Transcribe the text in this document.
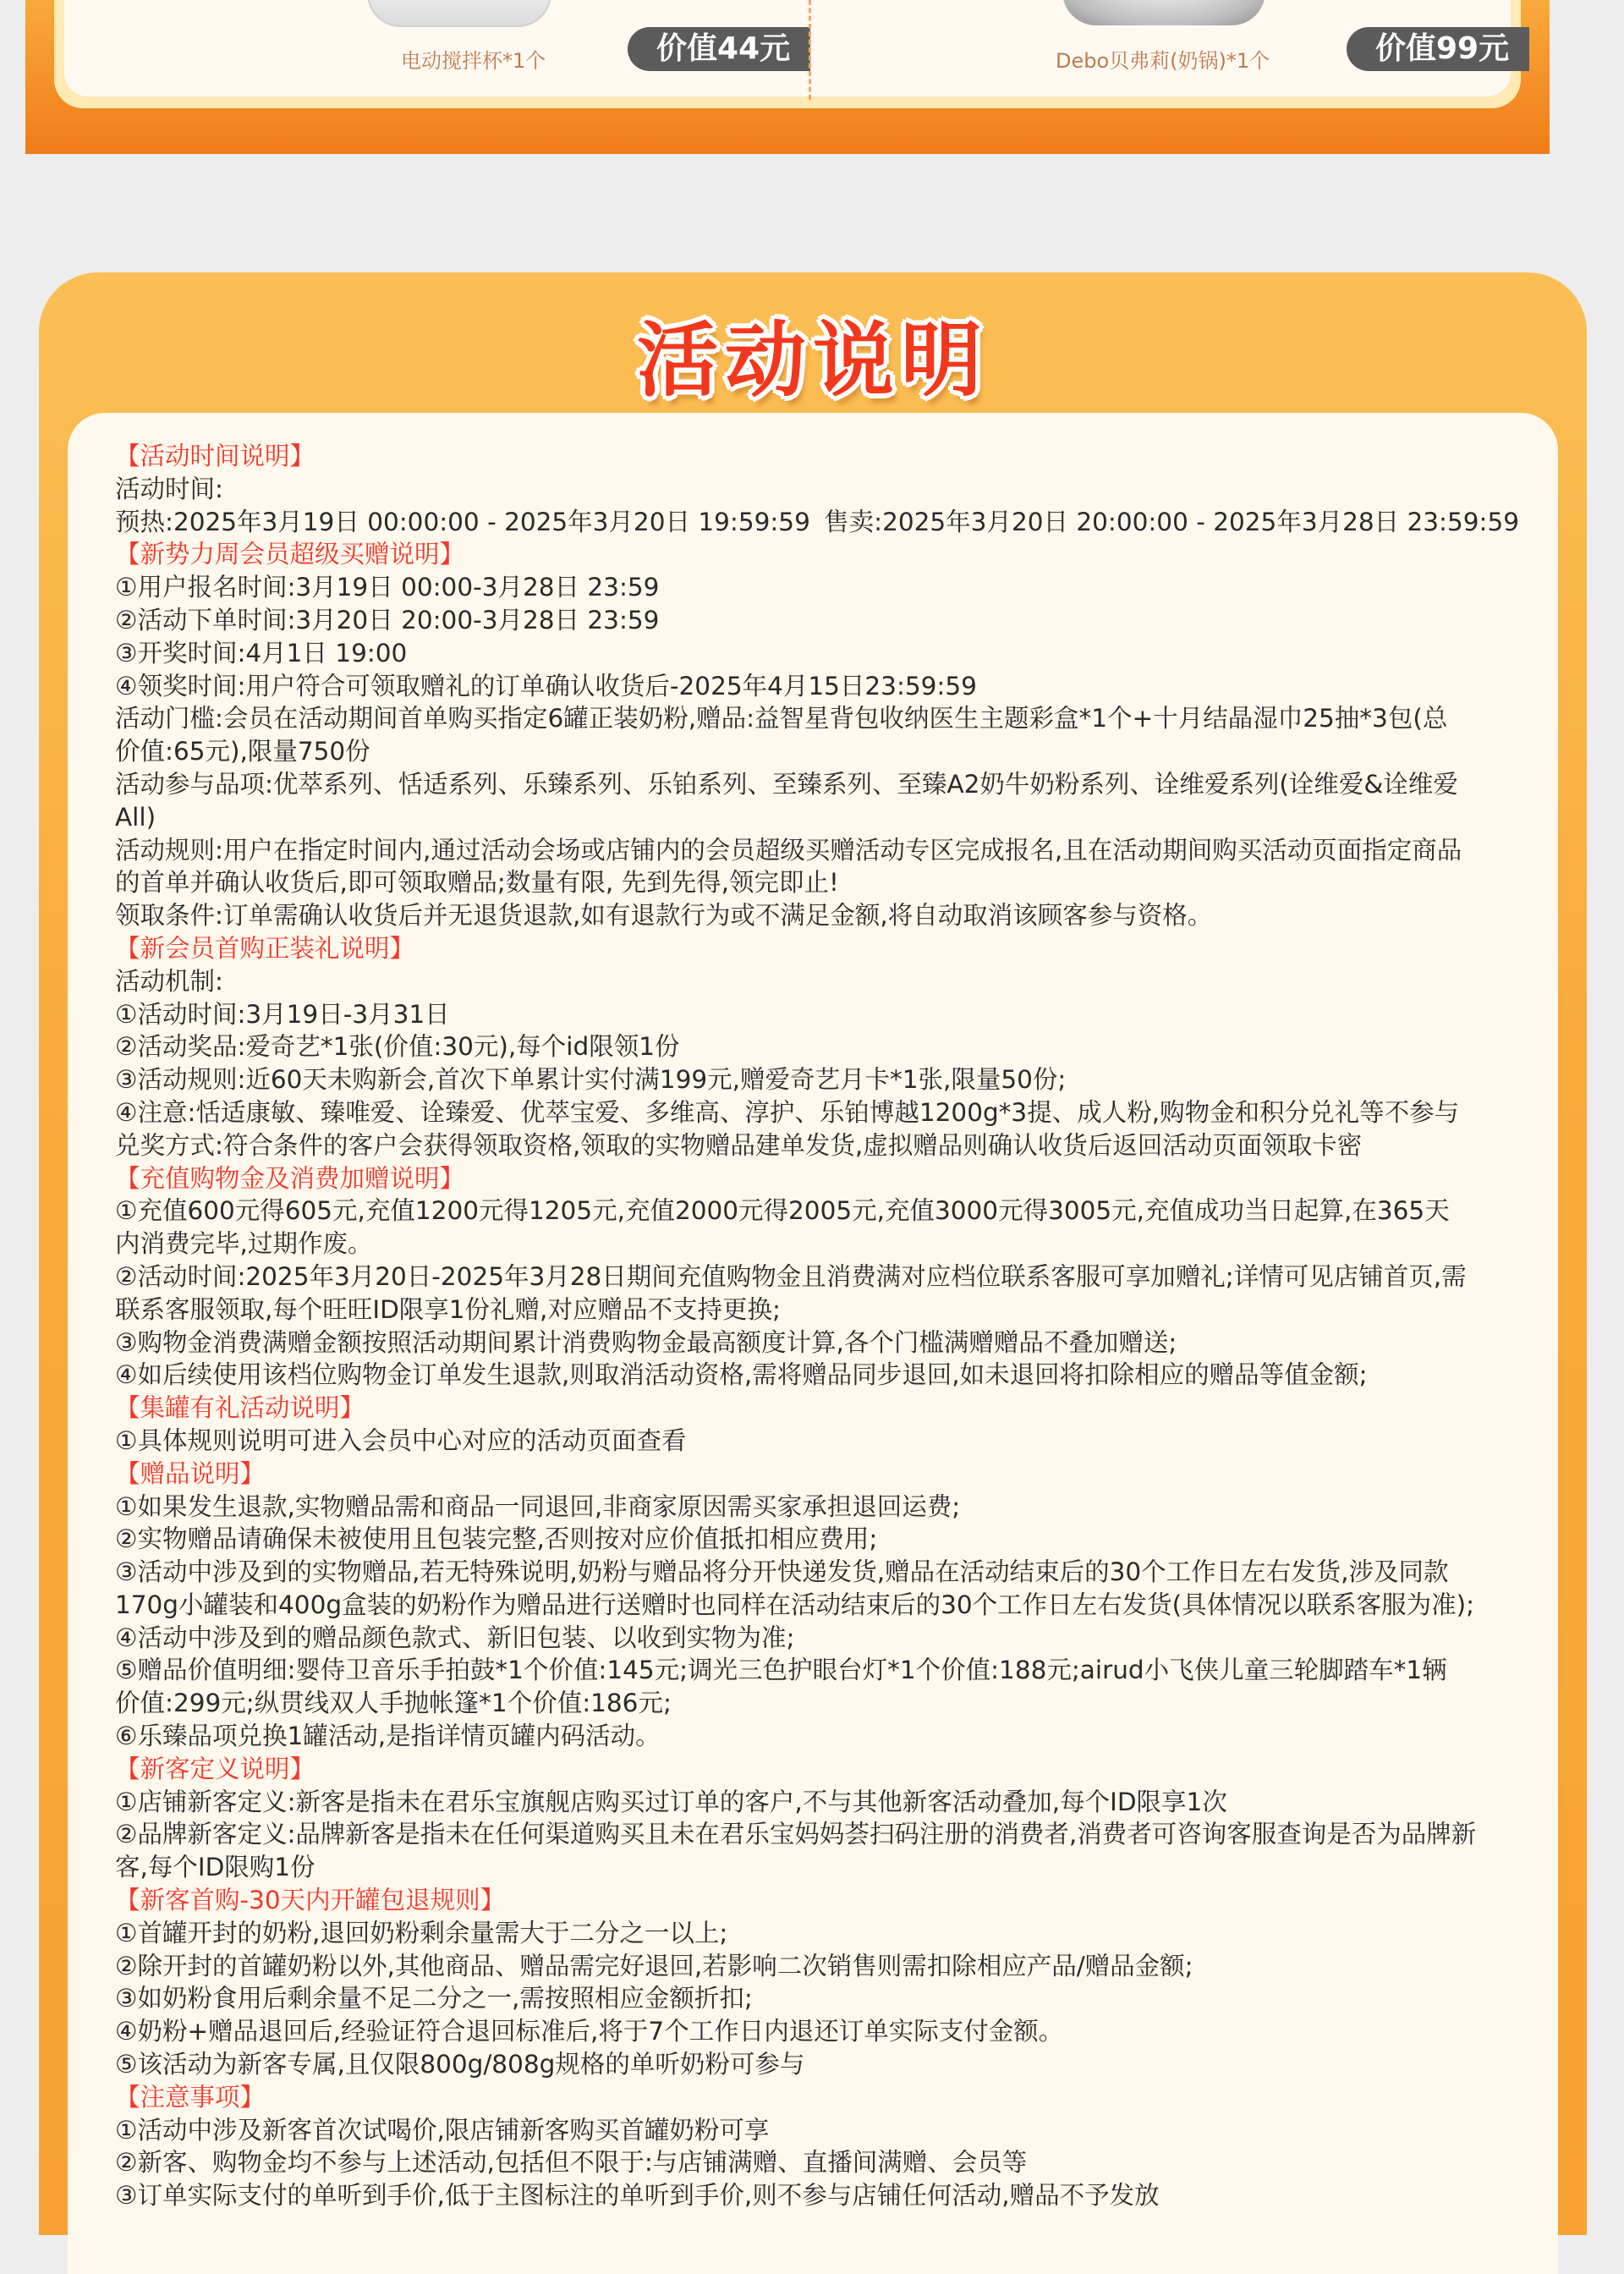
电动搅拌杯*1个	价值44元	Debo贝弗莉(奶锅)*1个	价值99元
活动说明
【活动时间说明】
活动时间:
预热:2025年3月19日 00:00:00 - 2025年3月20日 19:59:59 售卖:2025年3月20日 20:00:00 - 2025年3月28日 23:59:59
【新势力周会员超级买赠说明】
①用户报名时间:3月19日 00:00-3月28日 23:59
②活动下单时间:3月20日 20:00-3月28日 23:59
③开奖时间:4月1日 19:00
④领奖时间:用户符合可领取赠礼的订单确认收货后-2025年4月15日23:59:59
活动门槛:会员在活动期间首单购买指定6罐正装奶粉,赠品:益智星背包收纳医生主题彩盒*1个+十月结晶湿巾25抽*3包(总
价值:65元),限量750份
活动参与品项:优萃系列、恬适系列、乐臻系列、乐铂系列、至臻系列、至臻A2奶牛奶粉系列、诠维爱系列(诠维爱&诠维爱
All)
活动规则:用户在指定时间内,通过活动会场或店铺内的会员超级买赠活动专区完成报名,且在活动期间购买活动页面指定商品
的首单并确认收货后,即可领取赠品;数量有限, 先到先得,领完即止!
领取条件:订单需确认收货后并无退货退款,如有退款行为或不满足金额,将自动取消该顾客参与资格。
【新会员首购正装礼说明】
活动机制:
①活动时间:3月19日-3月31日
②活动奖品:爱奇艺*1张(价值:30元),每个id限领1份
③活动规则:近60天未购新会,首次下单累计实付满199元,赠爱奇艺月卡*1张,限量50份;
④注意:恬适康敏、臻唯爱、诠臻爱、优萃宝爱、多维高、淳护、乐铂博越1200g*3提、成人粉,购物金和积分兑礼等不参与
兑奖方式:符合条件的客户会获得领取资格,领取的实物赠品建单发货,虚拟赠品则确认收货后返回活动页面领取卡密
【充值购物金及消费加赠说明】
①充值600元得605元,充值1200元得1205元,充值2000元得2005元,充值3000元得3005元,充值成功当日起算,在365天
内消费完毕,过期作废。
②活动时间:2025年3月20日-2025年3月28日期间充值购物金且消费满对应档位联系客服可享加赠礼;详情可见店铺首页,需
联系客服领取,每个旺旺ID限享1份礼赠,对应赠品不支持更换;
③购物金消费满赠金额按照活动期间累计消费购物金最高额度计算,各个门槛满赠赠品不叠加赠送;
④如后续使用该档位购物金订单发生退款,则取消活动资格,需将赠品同步退回,如未退回将扣除相应的赠品等值金额;
【集罐有礼活动说明】
①具体规则说明可进入会员中心对应的活动页面查看
【赠品说明】
①如果发生退款,实物赠品需和商品一同退回,非商家原因需买家承担退回运费;
②实物赠品请确保未被使用且包装完整,否则按对应价值抵扣相应费用;
③活动中涉及到的实物赠品,若无特殊说明,奶粉与赠品将分开快递发货,赠品在活动结束后的30个工作日左右发货,涉及同款
170g小罐装和400g盒装的奶粉作为赠品进行送赠时也同样在活动结束后的30个工作日左右发货(具体情况以联系客服为准);
④活动中涉及到的赠品颜色款式、新旧包装、以收到实物为准;
⑤赠品价值明细:婴侍卫音乐手拍鼓*1个价值:145元;调光三色护眼台灯*1个价值:188元;airud小飞侠儿童三轮脚踏车*1辆
价值:299元;纵贯线双人手抛帐篷*1个价值:186元;
⑥乐臻品项兑换1罐活动,是指详情页罐内码活动。
【新客定义说明】
①店铺新客定义:新客是指未在君乐宝旗舰店购买过订单的客户,不与其他新客活动叠加,每个ID限享1次
②品牌新客定义:品牌新客是指未在任何渠道购买且未在君乐宝妈妈荟扫码注册的消费者,消费者可咨询客服查询是否为品牌新
客,每个ID限购1份
【新客首购-30天内开罐包退规则】
①首罐开封的奶粉,退回奶粉剩余量需大于二分之一以上;
②除开封的首罐奶粉以外,其他商品、赠品需完好退回,若影响二次销售则需扣除相应产品/赠品金额;
③如奶粉食用后剩余量不足二分之一,需按照相应金额折扣;
④奶粉+赠品退回后,经验证符合退回标准后,将于7个工作日内退还订单实际支付金额。
⑤该活动为新客专属,且仅限800g/808g规格的单听奶粉可参与
【注意事项】
①活动中涉及新客首次试喝价,限店铺新客购买首罐奶粉可享
②新客、购物金均不参与上述活动,包括但不限于:与店铺满赠、直播间满赠、会员等
③订单实际支付的单听到手价,低于主图标注的单听到手价,则不参与店铺任何活动,赠品不予发放
